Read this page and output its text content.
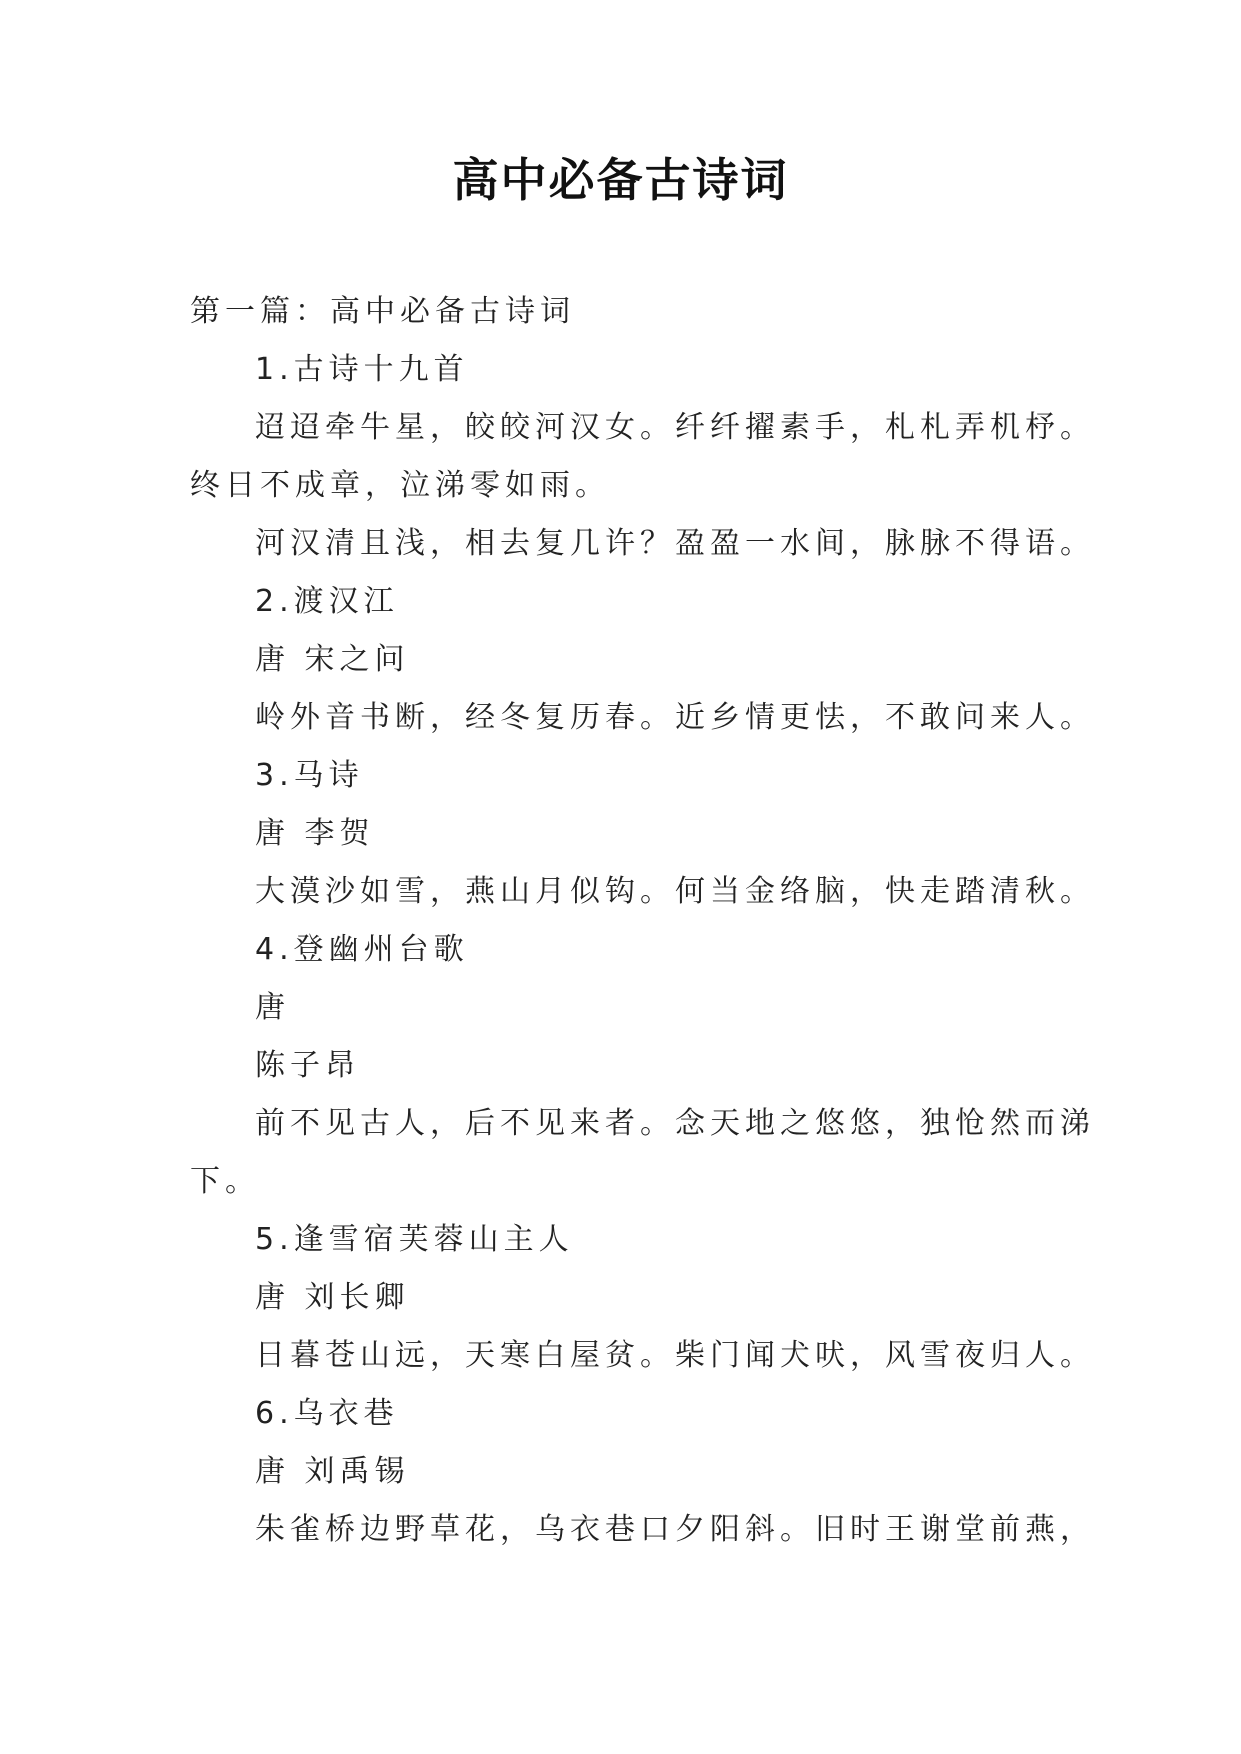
高中必备古诗词
第一篇：高中必备古诗词
1.古诗十九首
迢迢牵牛星，皎皎河汉女。纤纤擢素手，札札弄机杼。
终日不成章，泣涕零如雨。
河汉清且浅，相去复几许？盈盈一水间，脉脉不得语。
2.渡汉江
唐 宋之问
岭外音书断，经冬复历春。近乡情更怯，不敢问来人。
3.马诗
唐 李贺
大漠沙如雪，燕山月似钩。何当金络脑，快走踏清秋。
4.登幽州台歌
唐
陈子昂
前不见古人，后不见来者。念天地之悠悠，独怆然而涕
下。
5.逢雪宿芙蓉山主人
唐 刘长卿
日暮苍山远，天寒白屋贫。柴门闻犬吠，风雪夜归人。
6.乌衣巷
唐 刘禹锡
朱雀桥边野草花，乌衣巷口夕阳斜。旧时王谢堂前燕，
